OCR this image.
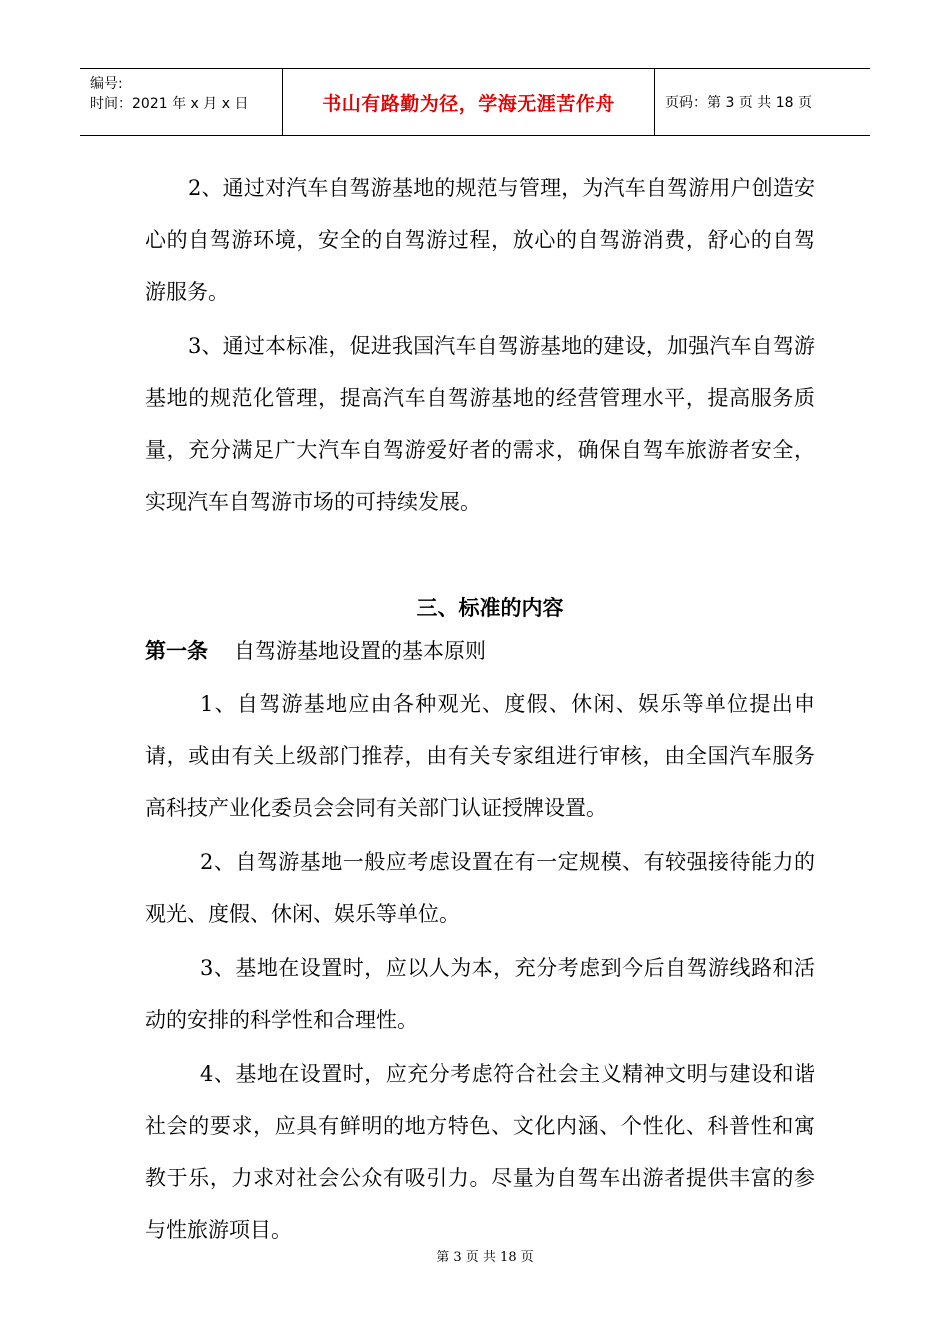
编号:
时间：2021 年 x 月 x 日	书山有路勤为径，学海无涯苦作舟	页码：第 3 页 共 18 页

2、通过对汽车自驾游基地的规范与管理，为汽车自驾游用户创造安心的自驾游环境，安全的自驾游过程，放心的自驾游消费，舒心的自驾游服务。

3、通过本标准，促进我国汽车自驾游基地的建设，加强汽车自驾游基地的规范化管理，提高汽车自驾游基地的经营管理水平，提高服务质量，充分满足广大汽车自驾游爱好者的需求，确保自驾车旅游者安全，实现汽车自驾游市场的可持续发展。

三、标准的内容
第一条 自驾游基地设置的基本原则

1、自驾游基地应由各种观光、度假、休闲、娱乐等单位提出申请，或由有关上级部门推荐，由有关专家组进行审核，由全国汽车服务高科技产业化委员会会同有关部门认证授牌设置。

2、自驾游基地一般应考虑设置在有一定规模、有较强接待能力的观光、度假、休闲、娱乐等单位。

3、基地在设置时，应以人为本，充分考虑到今后自驾游线路和活动的安排的科学性和合理性。

4、基地在设置时，应充分考虑符合社会主义精神文明与建设和谐社会的要求，应具有鲜明的地方特色、文化内涵、个性化、科普性和寓教于乐，力求对社会公众有吸引力。尽量为自驾车出游者提供丰富的参与性旅游项目。

第 3 页 共 18 页
